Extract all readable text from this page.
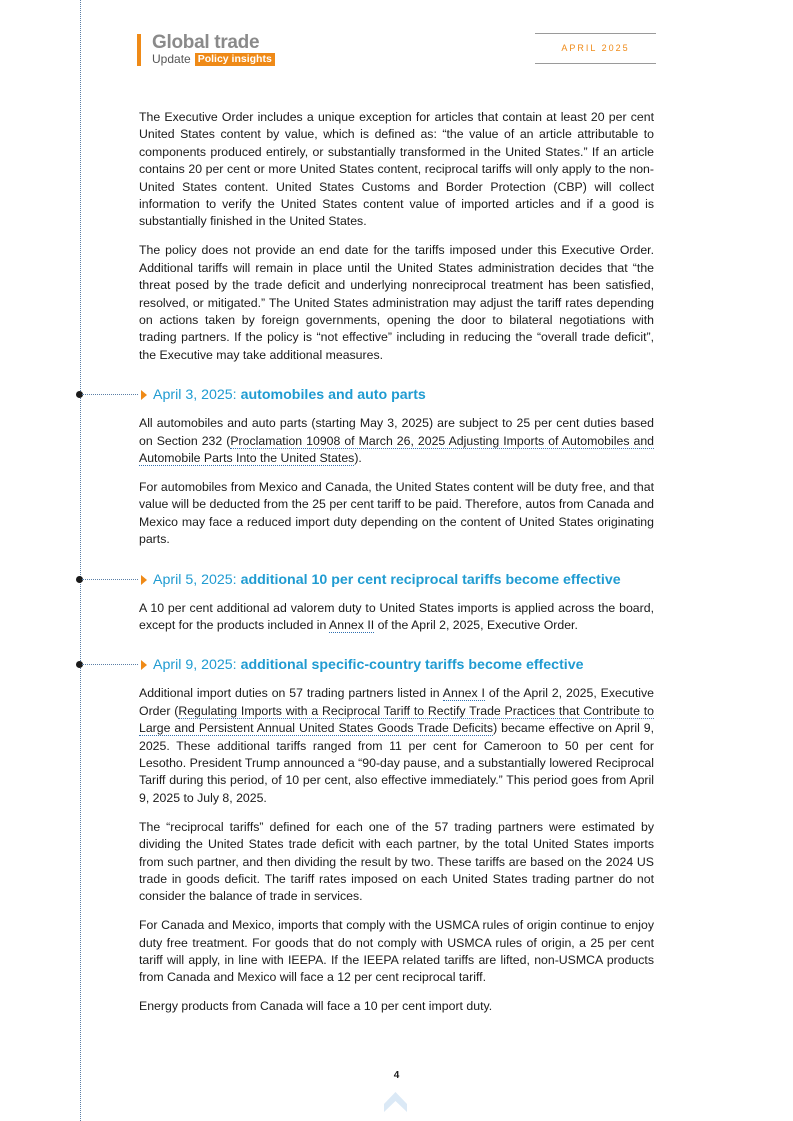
Global trade
Update Policy insights
APRIL 2025

The Executive Order includes a unique exception for articles that contain at least 20 per cent United States content by value, which is defined as: “the value of an article attributable to components produced entirely, or substantially transformed in the United States.” If an article contains 20 per cent or more United States content, reciprocal tariffs will only apply to the non-United States content. United States Customs and Border Protection (CBP) will collect information to verify the United States content value of imported articles and if a good is substantially finished in the United States.

The policy does not provide an end date for the tariffs imposed under this Executive Order. Additional tariffs will remain in place until the United States administration decides that “the threat posed by the trade deficit and underlying nonreciprocal treatment has been satisfied, resolved, or mitigated.” The United States administration may adjust the tariff rates depending on actions taken by foreign governments, opening the door to bilateral negotiations with trading partners. If the policy is “not effective” including in reducing the “overall trade deficit”, the Executive may take additional measures.

April 3, 2025: automobiles and auto parts

All automobiles and auto parts (starting May 3, 2025) are subject to 25 per cent duties based on Section 232 (Proclamation 10908 of March 26, 2025 Adjusting Imports of Automobiles and Automobile Parts Into the United States).

For automobiles from Mexico and Canada, the United States content will be duty free, and that value will be deducted from the 25 per cent tariff to be paid. Therefore, autos from Canada and Mexico may face a reduced import duty depending on the content of United States originating parts.

April 5, 2025: additional 10 per cent reciprocal tariffs become effective

A 10 per cent additional ad valorem duty to United States imports is applied across the board, except for the products included in Annex II of the April 2, 2025, Executive Order.

April 9, 2025: additional specific-country tariffs become effective

Additional import duties on 57 trading partners listed in Annex I of the April 2, 2025, Executive Order (Regulating Imports with a Reciprocal Tariff to Rectify Trade Practices that Contribute to Large and Persistent Annual United States Goods Trade Deficits) became effective on April 9, 2025. These additional tariffs ranged from 11 per cent for Cameroon to 50 per cent for Lesotho. President Trump announced a “90-day pause, and a substantially lowered Reciprocal Tariff during this period, of 10 per cent, also effective immediately.” This period goes from April 9, 2025 to July 8, 2025.

The “reciprocal tariffs” defined for each one of the 57 trading partners were estimated by dividing the United States trade deficit with each partner, by the total United States imports from such partner, and then dividing the result by two. These tariffs are based on the 2024 US trade in goods deficit. The tariff rates imposed on each United States trading partner do not consider the balance of trade in services.

For Canada and Mexico, imports that comply with the USMCA rules of origin continue to enjoy duty free treatment. For goods that do not comply with USMCA rules of origin, a 25 per cent tariff will apply, in line with IEEPA. If the IEEPA related tariffs are lifted, non-USMCA products from Canada and Mexico will face a 12 per cent reciprocal tariff.

Energy products from Canada will face a 10 per cent import duty.

4
